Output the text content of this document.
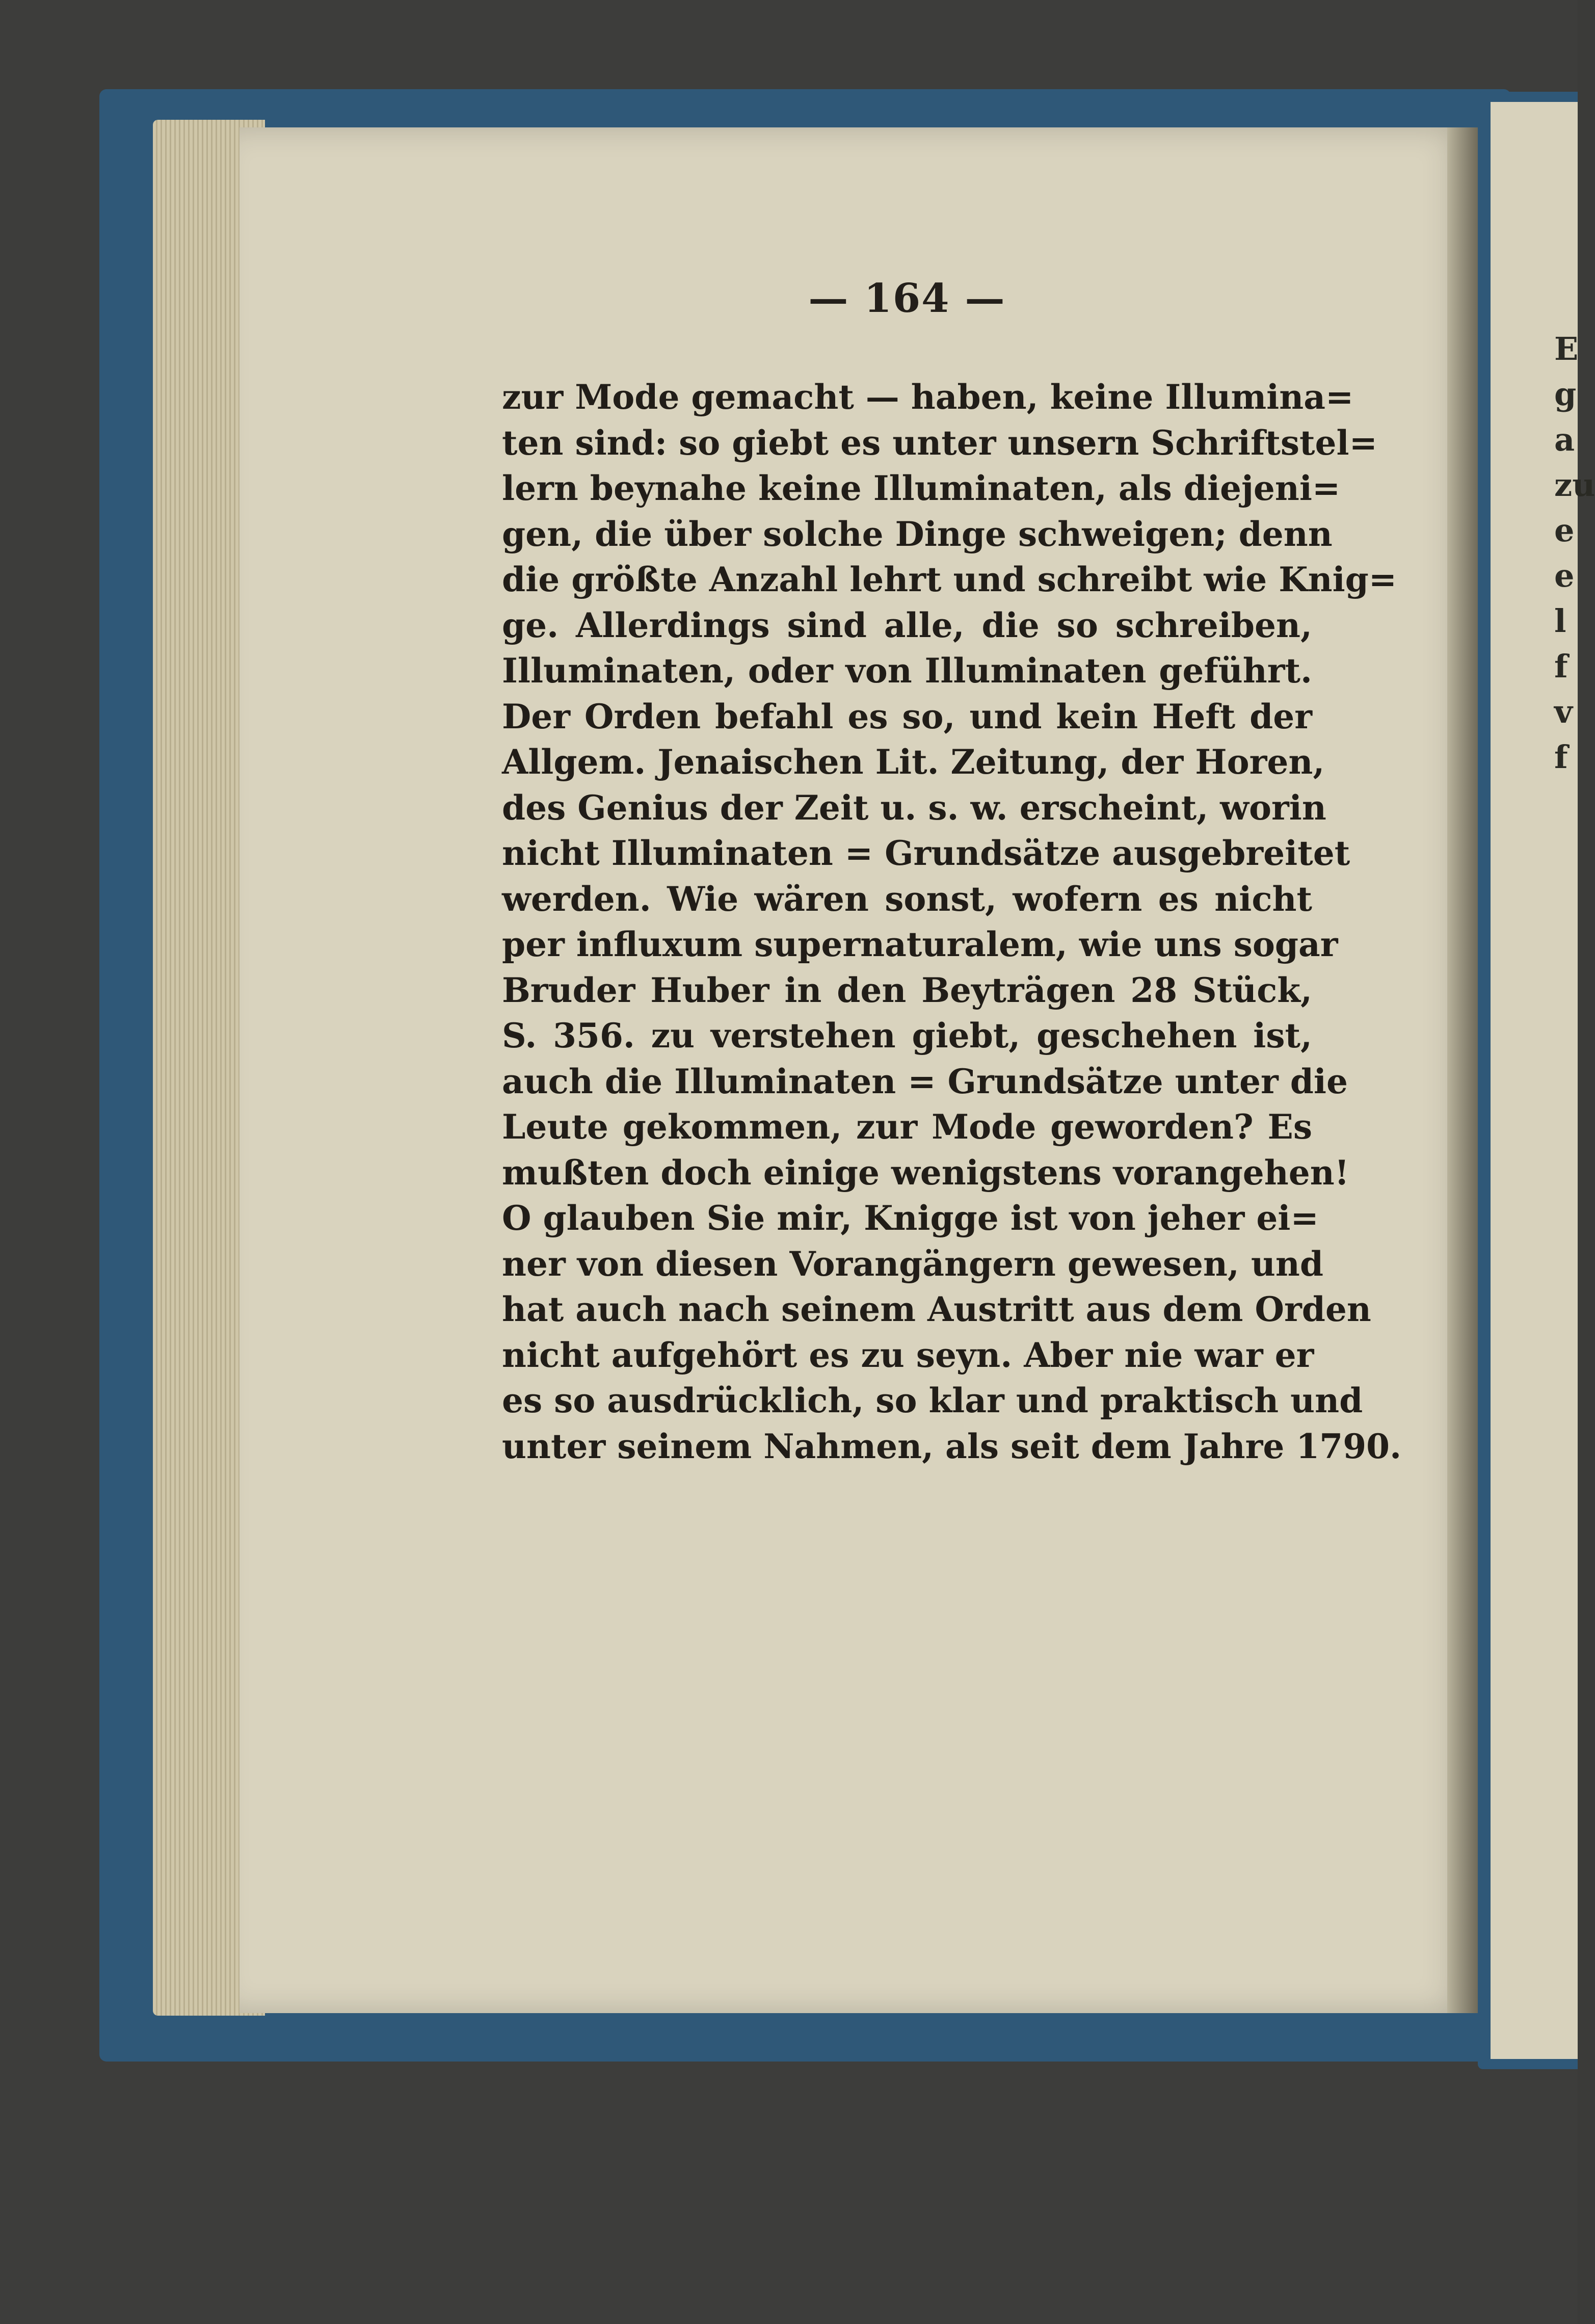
E
g
a
zu
e
e
l
f
v
f
— 164 —
zur Mode gemacht — haben, keine Illumina=
ten sind: so giebt es unter unsern Schriftstel=
lern beynahe keine Illuminaten, als diejeni=
gen, die über solche Dinge schweigen; denn
die größte Anzahl lehrt und schreibt wie Knig=
ge. Allerdings sind alle, die so schreiben,
Illuminaten, oder von Illuminaten geführt.
Der Orden befahl es so, und kein Heft der
Allgem. Jenaischen Lit. Zeitung, der Horen,
des Genius der Zeit u. s. w. erscheint, worin
nicht Illuminaten = Grundsätze ausgebreitet
werden. Wie wären sonst, wofern es nicht
per influxum supernaturalem, wie uns sogar
Bruder Huber in den Beyträgen 28 Stück,
S. 356. zu verstehen giebt, geschehen ist,
auch die Illuminaten = Grundsätze unter die
Leute gekommen, zur Mode geworden? Es
mußten doch einige wenigstens vorangehen!
O glauben Sie mir, Knigge ist von jeher ei=
ner von diesen Vorangängern gewesen, und
hat auch nach seinem Austritt aus dem Orden
nicht aufgehört es zu seyn. Aber nie war er
es so ausdrücklich, so klar und praktisch und
unter seinem Nahmen, als seit dem Jahre 1790.
